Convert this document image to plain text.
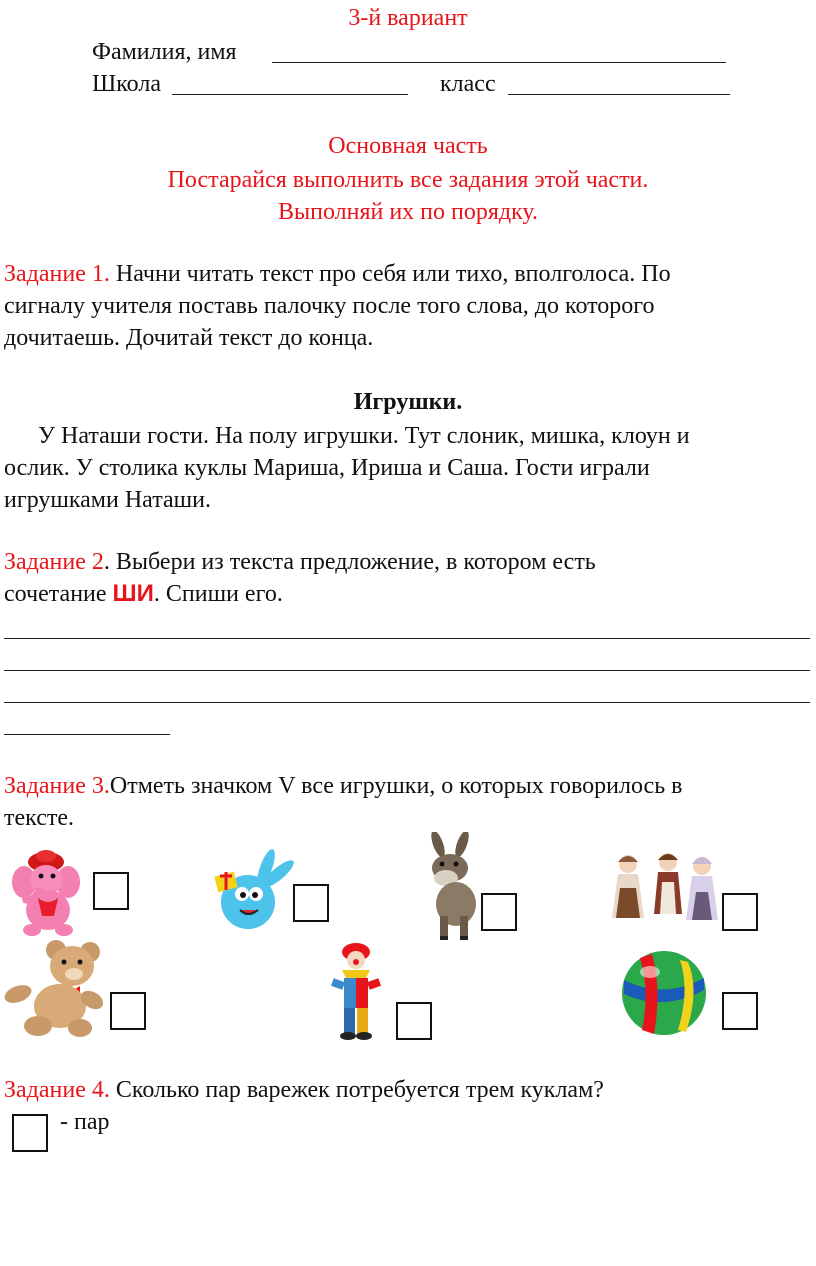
3-й вариант
Фамилия, имя
Школа	класс
Основная часть
Постарайся выполнить все задания этой части.
Выполняй их по порядку.
Задание 1. Начни читать текст про себя или тихо, вполголоса. По
сигналу учителя поставь палочку после того слова, до которого
дочитаешь. Дочитай текст до конца.
Игрушки.
У Наташи гости. На полу игрушки. Тут слоник, мишка, клоун и
ослик. У столика куклы Мариша, Ириша и Саша. Гости играли
игрушками Наташи.
Задание 2. Выбери из текста предложение, в котором есть
сочетание ШИ. Спиши его.
Задание 3.Отметь значком V все игрушки, о которых говорилось в
тексте.
Задание 4. Сколько пар варежек потребуется трем куклам?
- пар
